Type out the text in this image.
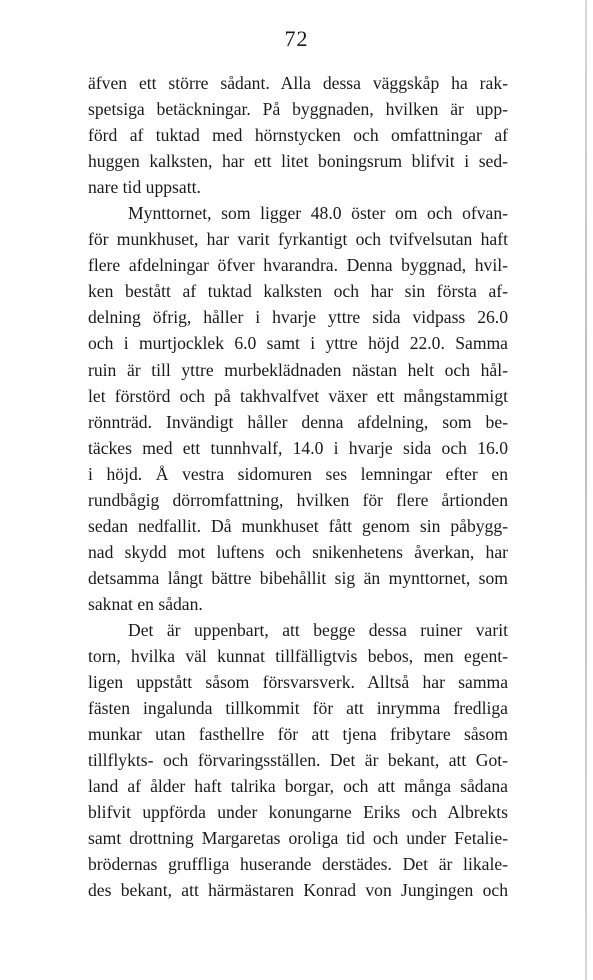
72
äfven ett större sådant. Alla dessa väggskåp ha rak-
spetsiga betäckningar. På byggnaden, hvilken är upp-
förd af tuktad med hörnstycken och omfattningar af
huggen kalksten, har ett litet boningsrum blifvit i sed-
nare tid uppsatt.
Mynttornet, som ligger 48.0 öster om och ofvan-
för munkhuset, har varit fyrkantigt och tvifvelsutan haft
flere afdelningar öfver hvarandra. Denna byggnad, hvil-
ken bestått af tuktad kalksten och har sin första af-
delning öfrig, håller i hvarje yttre sida vidpass 26.0
och i murtjocklek 6.0 samt i yttre höjd 22.0. Samma
ruin är till yttre murbeklädnaden nästan helt och hål-
let förstörd och på takhvalfvet växer ett mångstammigt
rönnträd. Invändigt håller denna afdelning, som be-
täckes med ett tunnhvalf, 14.0 i hvarje sida och 16.0
i höjd. Å vestra sidomuren ses lemningar efter en
rundbågig dörromfattning, hvilken för flere årtionden
sedan nedfallit. Då munkhuset fått genom sin påbygg-
nad skydd mot luftens och snikenhetens åverkan, har
detsamma långt bättre bibehållit sig än mynttornet, som
saknat en sådan.
Det är uppenbart, att begge dessa ruiner varit
torn, hvilka väl kunnat tillfälligtvis bebos, men egent-
ligen uppstått såsom försvarsverk. Alltså har samma
fästen ingalunda tillkommit för att inrymma fredliga
munkar utan fasthellre för att tjena fribytare såsom
tillflykts- och förvaringsställen. Det är bekant, att Got-
land af ålder haft talrika borgar, och att många sådana
blifvit uppförda under konungarne Eriks och Albrekts
samt drottning Margaretas oroliga tid och under Fetalie-
brödernas gruffliga huserande derstädes. Det är likale-
des bekant, att härmästaren Konrad von Jungingen och
